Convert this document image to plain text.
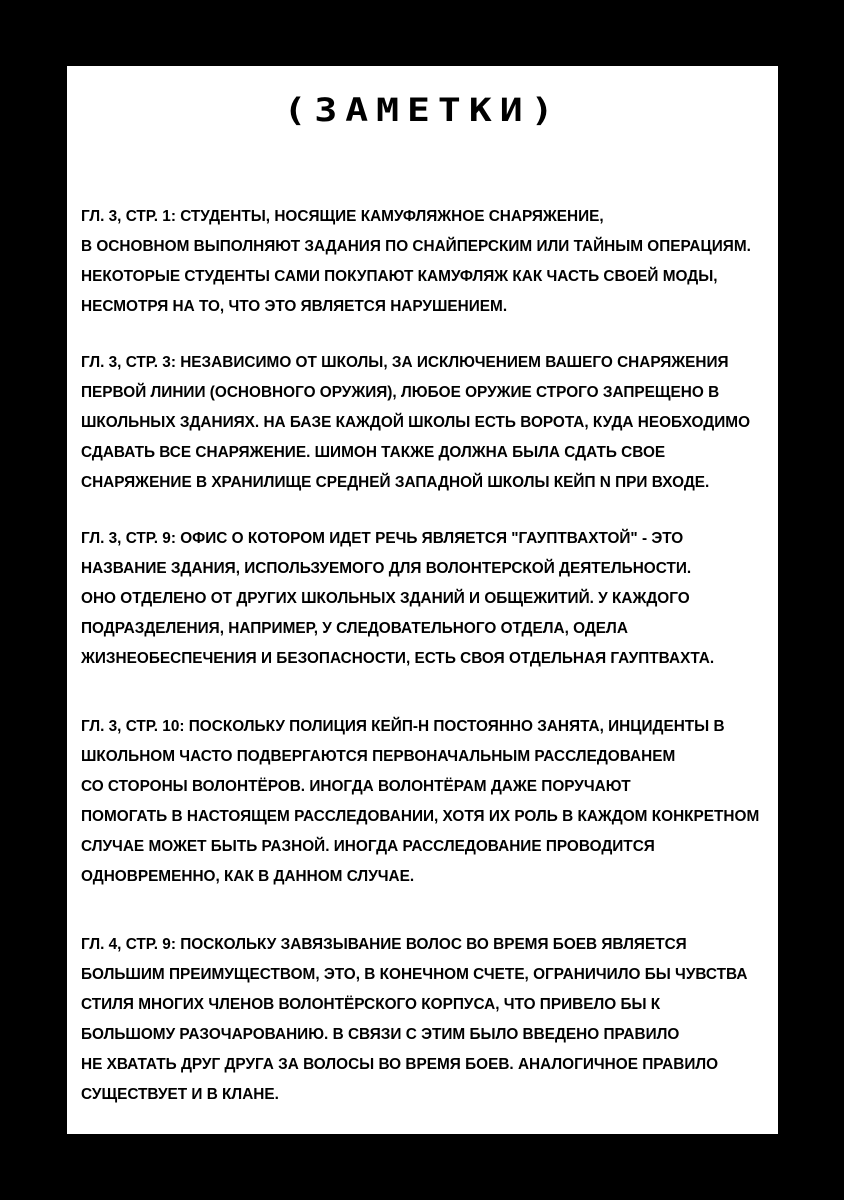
(ЗАМЕТКИ)
ГЛ. 3, СТР. 1: СТУДЕНТЫ, НОСЯЩИЕ КАМУФЛЯЖНОЕ СНАРЯЖЕНИЕ,
В ОСНОВНОМ ВЫПОЛНЯЮТ ЗАДАНИЯ ПО СНАЙПЕРСКИМ ИЛИ ТАЙНЫМ ОПЕРАЦИЯМ.
НЕКОТОРЫЕ СТУДЕНТЫ САМИ ПОКУПАЮТ КАМУФЛЯЖ КАК ЧАСТЬ СВОЕЙ МОДЫ,
НЕСМОТРЯ НА ТО, ЧТО ЭТО ЯВЛЯЕТСЯ НАРУШЕНИЕМ.
ГЛ. 3, СТР. 3: НЕЗАВИСИМО ОТ ШКОЛЫ, ЗА ИСКЛЮЧЕНИЕМ ВАШЕГО СНАРЯЖЕНИЯ
ПЕРВОЙ ЛИНИИ (ОСНОВНОГО ОРУЖИЯ), ЛЮБОЕ ОРУЖИЕ СТРОГО ЗАПРЕЩЕНО В
ШКОЛЬНЫХ ЗДАНИЯХ. НА БАЗЕ КАЖДОЙ ШКОЛЫ ЕСТЬ ВОРОТА, КУДА НЕОБХОДИМО
СДАВАТЬ ВСЕ СНАРЯЖЕНИЕ. ШИМОН ТАКЖЕ ДОЛЖНА БЫЛА СДАТЬ СВОЕ
СНАРЯЖЕНИЕ В ХРАНИЛИЩЕ СРЕДНЕЙ ЗАПАДНОЙ ШКОЛЫ КЕЙП N ПРИ ВХОДЕ.
ГЛ. 3, СТР. 9: ОФИС О КОТОРОМ ИДЕТ РЕЧЬ ЯВЛЯЕТСЯ "ГАУПТВАХТОЙ" - ЭТО
НАЗВАНИЕ ЗДАНИЯ, ИСПОЛЬЗУЕМОГО ДЛЯ ВОЛОНТЕРСКОЙ ДЕЯТЕЛЬНОСТИ.
ОНО ОТДЕЛЕНО ОТ ДРУГИХ ШКОЛЬНЫХ ЗДАНИЙ И ОБЩЕЖИТИЙ. У КАЖДОГО
ПОДРАЗДЕЛЕНИЯ, НАПРИМЕР, У СЛЕДОВАТЕЛЬНОГО ОТДЕЛА, ОДЕЛА
ЖИЗНЕОБЕСПЕЧЕНИЯ И БЕЗОПАСНОСТИ, ЕСТЬ СВОЯ ОТДЕЛЬНАЯ ГАУПТВАХТА.
ГЛ. 3, СТР. 10: ПОСКОЛЬКУ ПОЛИЦИЯ КЕЙП-Н ПОСТОЯННО ЗАНЯТА, ИНЦИДЕНТЫ В
ШКОЛЬНОМ ЧАСТО ПОДВЕРГАЮТСЯ ПЕРВОНАЧАЛЬНЫМ РАССЛЕДОВАНЕМ
СО СТОРОНЫ ВОЛОНТЁРОВ. ИНОГДА ВОЛОНТЁРАМ ДАЖЕ ПОРУЧАЮТ
ПОМОГАТЬ В НАСТОЯЩЕМ РАССЛЕДОВАНИИ, ХОТЯ ИХ РОЛЬ В КАЖДОМ КОНКРЕТНОМ
СЛУЧАЕ МОЖЕТ БЫТЬ РАЗНОЙ. ИНОГДА РАССЛЕДОВАНИЕ ПРОВОДИТСЯ
ОДНОВРЕМЕННО, КАК В ДАННОМ СЛУЧАЕ.
ГЛ. 4, СТР. 9: ПОСКОЛЬКУ ЗАВЯЗЫВАНИЕ ВОЛОС ВО ВРЕМЯ БОЕВ ЯВЛЯЕТСЯ
БОЛЬШИМ ПРЕИМУЩЕСТВОМ, ЭТО, В КОНЕЧНОМ СЧЕТЕ, ОГРАНИЧИЛО БЫ ЧУВСТВА
СТИЛЯ МНОГИХ ЧЛЕНОВ ВОЛОНТЁРСКОГО КОРПУСА, ЧТО ПРИВЕЛО БЫ К
БОЛЬШОМУ РАЗОЧАРОВАНИЮ. В СВЯЗИ С ЭТИМ БЫЛО ВВЕДЕНО ПРАВИЛО
НЕ ХВАТАТЬ ДРУГ ДРУГА ЗА ВОЛОСЫ ВО ВРЕМЯ БОЕВ. АНАЛОГИЧНОЕ ПРАВИЛО
СУЩЕСТВУЕТ И В КЛАНЕ.
